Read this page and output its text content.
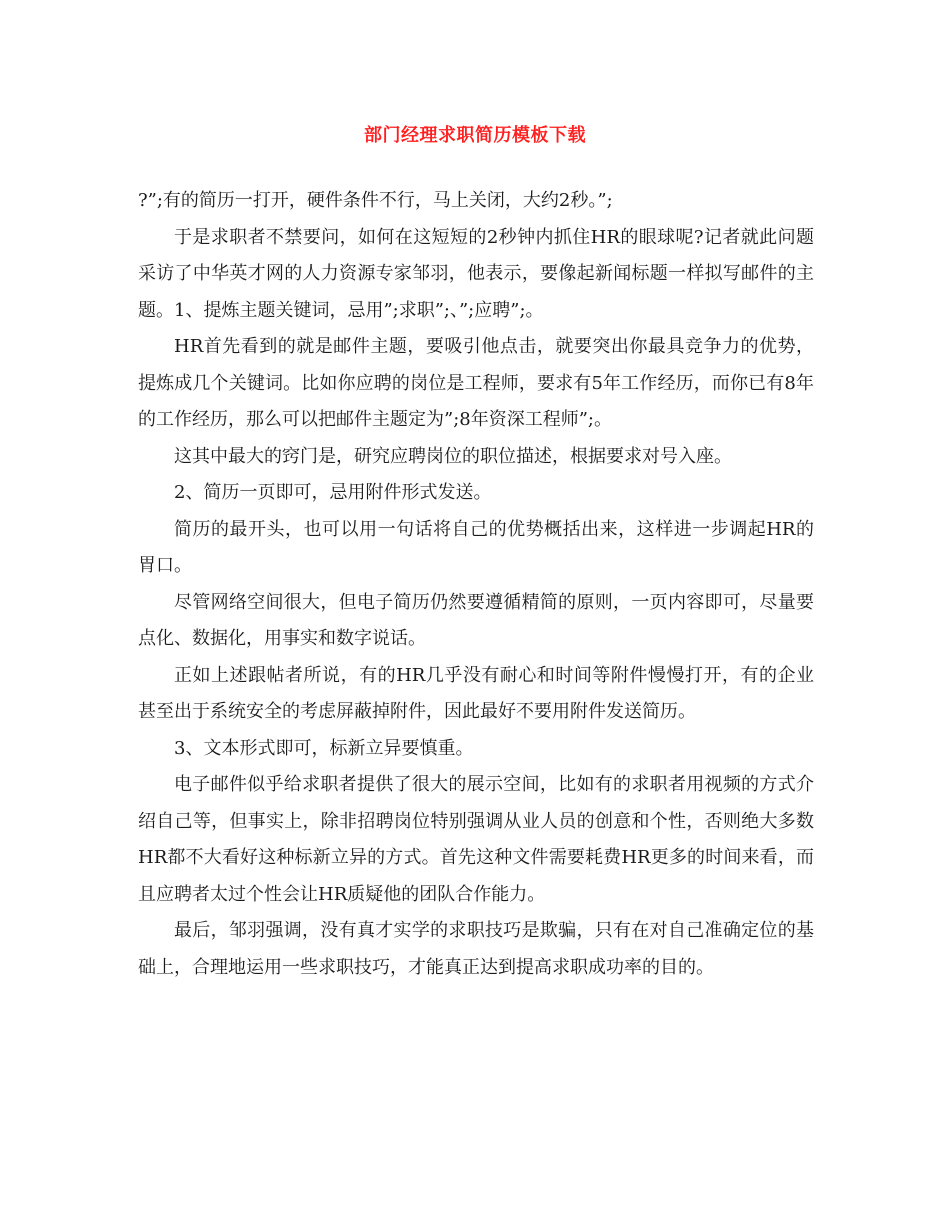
部门经理求职简历模板下载

?”;有的简历一打开，硬件条件不行，马上关闭，大约2秒。”;

于是求职者不禁要问，如何在这短短的2秒钟内抓住HR的眼球呢?记者就此问题采访了中华英才网的人力资源专家邹羽，他表示，要像起新闻标题一样拟写邮件的主题。1、提炼主题关键词，忌用”;求职”;、”;应聘”;。

HR首先看到的就是邮件主题，要吸引他点击，就要突出你最具竞争力的优势，提炼成几个关键词。比如你应聘的岗位是工程师，要求有5年工作经历，而你已有8年的工作经历，那么可以把邮件主题定为”;8年资深工程师”;。

这其中最大的窍门是，研究应聘岗位的职位描述，根据要求对号入座。

2、简历一页即可，忌用附件形式发送。

简历的最开头，也可以用一句话将自己的优势概括出来，这样进一步调起HR的胃口。

尽管网络空间很大，但电子简历仍然要遵循精简的原则，一页内容即可，尽量要点化、数据化，用事实和数字说话。

正如上述跟帖者所说，有的HR几乎没有耐心和时间等附件慢慢打开，有的企业甚至出于系统安全的考虑屏蔽掉附件，因此最好不要用附件发送简历。

3、文本形式即可，标新立异要慎重。

电子邮件似乎给求职者提供了很大的展示空间，比如有的求职者用视频的方式介绍自己等，但事实上，除非招聘岗位特别强调从业人员的创意和个性，否则绝大多数HR都不大看好这种标新立异的方式。首先这种文件需要耗费HR更多的时间来看，而且应聘者太过个性会让HR质疑他的团队合作能力。

最后，邹羽强调，没有真才实学的求职技巧是欺骗，只有在对自己准确定位的基础上，合理地运用一些求职技巧，才能真正达到提高求职成功率的目的。
